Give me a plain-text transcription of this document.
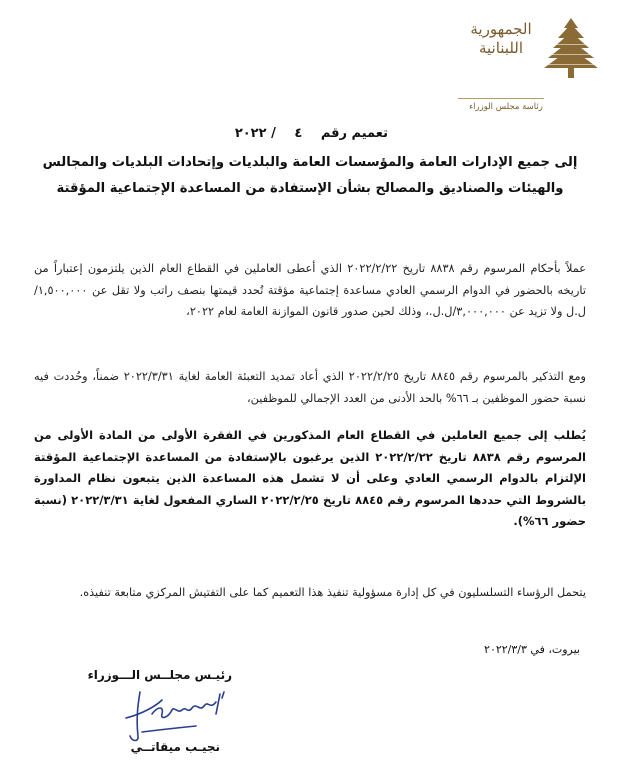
الجمهورية
اللبنانية
رئاسة مجلس الوزراء
تعميم رقم ٤ / ٢٠٢٢
إلى جميع الإدارات العامة والمؤسسات العامة والبلديات وإتحادات البلديات والمجالس والهيئات والصناديق والمصالح بشأن الإستفادة من المساعدة الإجتماعية المؤقتة
عملاً بأحكام المرسوم رقم ٨٨٣٨ تاريخ ٢٠٢٢/٢/٢٢ الذي أعطى العاملين في القطاع العام الذين يلتزمون إعتباراً من تاريخه بالحضور في الدوام الرسمي العادي مساعدة إجتماعية مؤقتة تُحدد قيمتها بنصف راتب ولا تقل عن ١,٥٠٠,٠٠٠/ل.ل ولا تزيد عن ٣,٠٠٠,٠٠٠/ل.ل.، وذلك لحين صدور قانون الموازنة العامة لعام ٢٠٢٢،
ومع التذكير بالمرسوم رقم ٨٨٤٥ تاريخ ٢٠٢٢/٢/٢٥ الذي أعاد تمديد التعبئة العامة لغاية ٢٠٢٢/٣/٣١ ضمناً، وحُددت فيه نسبة حضور الموظفين بـ ٦٦% بالحد الأدنى من العدد الإجمالي للموظفين،
يُطلب إلى جميع العاملين في القطاع العام المذكورين في الفقرة الأولى من المادة الأولى من المرسوم رقم ٨٨٣٨ تاريخ ٢٠٢٢/٢/٢٢ الذين يرغبون بالإستفادة من المساعدة الإجتماعية المؤقتة الإلتزام بالدوام الرسمي العادي وعلى أن لا تشمل هذه المساعدة الذين يتبعون نظام المداورة بالشروط التي حددها المرسوم رقم ٨٨٤٥ تاريخ ٢٠٢٢/٢/٢٥ الساري المفعول لغاية ٢٠٢٢/٣/٣١ (نسبة حضور ٦٦%).
يتحمل الرؤساء التسلسليون في كل إدارة مسؤولية تنفيذ هذا التعميم كما على التفتيش المركزي متابعة تنفيذه.
بيروت، في ٢٠٢٢/٣/٣
رئيـس مجلــس الـــوزراء
نجيـب ميقاتــي
